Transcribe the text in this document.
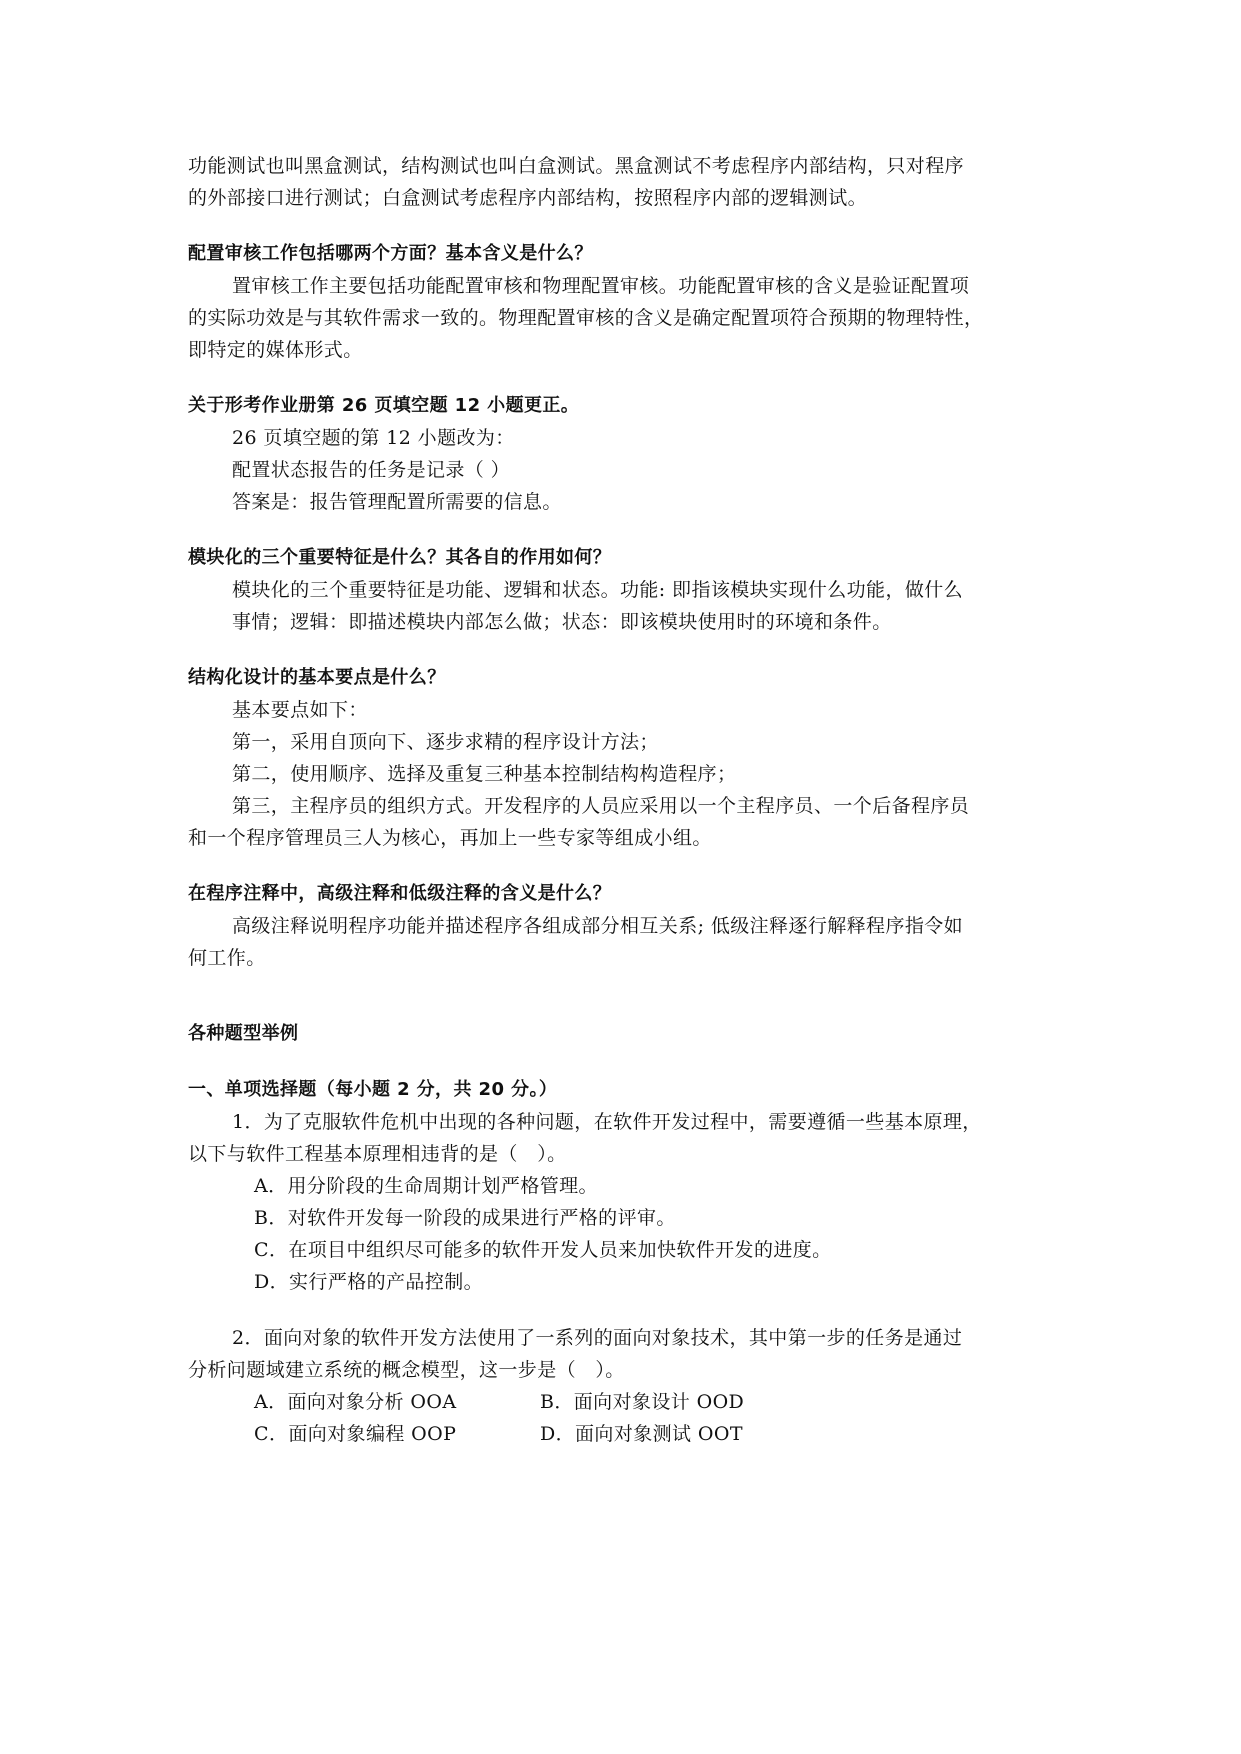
功能测试也叫黑盒测试，结构测试也叫白盒测试。黑盒测试不考虑程序内部结构，只对程序
的外部接口进行测试；白盒测试考虑程序内部结构，按照程序内部的逻辑测试。
配置审核工作包括哪两个方面？基本含义是什么？
置审核工作主要包括功能配置审核和物理配置审核。功能配置审核的含义是验证配置项
的实际功效是与其软件需求一致的。物理配置审核的含义是确定配置项符合预期的物理特性，
即特定的媒体形式。
关于形考作业册第 26 页填空题 12 小题更正。
26 页填空题的第 12 小题改为：
配置状态报告的任务是记录（ ）
答案是：报告管理配置所需要的信息。
模块化的三个重要特征是什么？其各自的作用如何？
模块化的三个重要特征是功能、逻辑和状态。功能: 即指该模块实现什么功能，做什么
事情；逻辑：即描述模块内部怎么做；状态：即该模块使用时的环境和条件。
结构化设计的基本要点是什么？
基本要点如下：
第一，采用自顶向下、逐步求精的程序设计方法；
第二，使用顺序、选择及重复三种基本控制结构构造程序；
第三，主程序员的组织方式。开发程序的人员应采用以一个主程序员、一个后备程序员
和一个程序管理员三人为核心，再加上一些专家等组成小组。
在程序注释中，高级注释和低级注释的含义是什么？
高级注释说明程序功能并描述程序各组成部分相互关系; 低级注释逐行解释程序指令如
何工作。
各种题型举例
一、单项选择题（每小题 2 分，共 20 分。）
1．为了克服软件危机中出现的各种问题，在软件开发过程中，需要遵循一些基本原理，
以下与软件工程基本原理相违背的是（　）。
A．用分阶段的生命周期计划严格管理。
B．对软件开发每一阶段的成果进行严格的评审。
C．在项目中组织尽可能多的软件开发人员来加快软件开发的进度。
D．实行严格的产品控制。
2．面向对象的软件开发方法使用了一系列的面向对象技术，其中第一步的任务是通过
分析问题域建立系统的概念模型，这一步是（　）。
A．面向对象分析 OOA	B．面向对象设计 OOD
C．面向对象编程 OOP	D．面向对象测试 OOT
